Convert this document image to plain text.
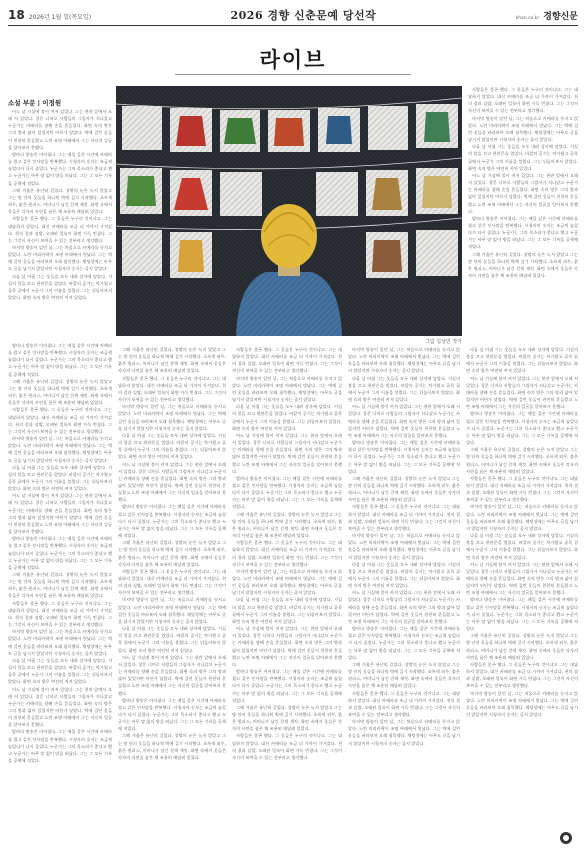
18 2026년 1월 일(목요일)	2026 경향 신춘문예 당선작	khan.co.kr 경향신문
라이브
그림 김상민 작가
소설 부문 | 이정원

어느 날 거실에 불이 켜져 있었다. 그는 현관 앞에서 오래 서 있었다. 창문 너머로 사람들의 그림자가 지나갔고 누군가는 카메라를 향해 손을 흔들었다. 화면 속의 방은 그의 방과 닮아 있었지만 어딘가 달랐다. 벽에 걸린 옷들이 천천히 흔들렸고 노란 조명 아래에서 그는 자신의 얼굴을 알아보지 못했다.

밤마다 방송은 이어졌다. 그는 매일 같은 시간에 카메라를 켰고 같은 인사말을 반복했다. 시청자의 숫자는 조금씩 늘었다가 다시 줄었다. 누군가는 그의 목소리가 좋다고 했고 누군가는 아무 말 없이 방을 떠났다. 그는 그 모든 기록을 공책에 적었다.

그해 겨울은 유난히 길었다. 창밖의 눈은 녹지 않았고 그는 방 안의 옷들을 하나씩 벽에 걸기 시작했다. 초록색 외투, 붉은 원피스, 어머니가 남긴 갈색 재킷. 화면 속에서 옷들은 각자의 사연을 품은 채 조용히 매달려 있었다.

사람들은 묻곤 했다. 그 옷들은 누구의 것이냐고. 그는 대답하지 않았다. 대신 카메라를 조금 더 가까이 가져갔다. 천의 결과 실밥, 오래된 얼룩이 화면 가득 번졌다. 그는 그것이 자신이 보여줄 수 있는 전부라고 생각했다.

마지막 방송이 있던 날, 그는 처음으로 카메라를 등지고 앉았다. 노란 머리카락이 조명 아래에서 빛났다. 그는 벽에 걸린 옷들을 바라보며 오래 침묵했다. 채팅창에는 아무도 글을 남기지 않았지만 시청자의 숫자는 줄지 않았다.

다음 날 아침 그는 옷들을 모두 내려 상자에 담았다. 거실의 불을 끄고 현관문을 열었다. 바깥의 공기는 차가웠고 골목 끝에서 누군가 그의 이름을 불렀다. 그는 뒤돌아보지 않았다. 화면 속의 방은 여전히 켜져 있었다.

사람들은 묻곤 했다. 그 옷들은 누구의 것이냐고. 그는 대답하지 않았다. 대신 카메라를 조금 더 가까이 가져갔다. 천의 결과 실밥, 오래된 얼룩이 화면 가득 번졌다. 그는 그것이 자신이 보여줄 수 있는 전부라고 생각했다.

마지막 방송이 있던 날, 그는 처음으로 카메라를 등지고 앉았다. 노란 머리카락이 조명 아래에서 빛났다. 그는 벽에 걸린 옷들을 바라보며 오래 침묵했다. 채팅창에는 아무도 글을 남기지 않았지만 시청자의 숫자는 줄지 않았다.

다음 날 아침 그는 옷들을 모두 내려 상자에 담았다. 거실의 불을 끄고 현관문을 열었다. 바깥의 공기는 차가웠고 골목 끝에서 누군가 그의 이름을 불렀다. 그는 뒤돌아보지 않았다. 화면 속의 방은 여전히 켜져 있었다.

어느 날 거실에 불이 켜져 있었다. 그는 현관 앞에서 오래 서 있었다. 창문 너머로 사람들의 그림자가 지나갔고 누군가는 카메라를 향해 손을 흔들었다. 화면 속의 방은 그의 방과 닮아 있었지만 어딘가 달랐다. 벽에 걸린 옷들이 천천히 흔들렸고 노란 조명 아래에서 그는 자신의 얼굴을 알아보지 못했다.

밤마다 방송은 이어졌다. 그는 매일 같은 시간에 카메라를 켰고 같은 인사말을 반복했다. 시청자의 숫자는 조금씩 늘었다가 다시 줄었다. 누군가는 그의 목소리가 좋다고 했고 누군가는 아무 말 없이 방을 떠났다. 그는 그 모든 기록을 공책에 적었다.

그해 겨울은 유난히 길었다. 창밖의 눈은 녹지 않았고 그는 방 안의 옷들을 하나씩 벽에 걸기 시작했다. 초록색 외투, 붉은 원피스, 어머니가 남긴 갈색 재킷. 화면 속에서 옷들은 각자의 사연을 품은 채 조용히 매달려 있었다.

밤마다 방송은 이어졌다. 그는 매일 같은 시간에 카메라를 켰고 같은 인사말을 반복했다. 시청자의 숫자는 조금씩 늘었다가 다시 줄었다. 누군가는 그의 목소리가 좋다고 했고 누군가는 아무 말 없이 방을 떠났다. 그는 그 모든 기록을 공책에 적었다.

그해 겨울은 유난히 길었다. 창밖의 눈은 녹지 않았고 그는 방 안의 옷들을 하나씩 벽에 걸기 시작했다. 초록색 외투, 붉은 원피스, 어머니가 남긴 갈색 재킷. 화면 속에서 옷들은 각자의 사연을 품은 채 조용히 매달려 있었다.

사람들은 묻곤 했다. 그 옷들은 누구의 것이냐고. 그는 대답하지 않았다. 대신 카메라를 조금 더 가까이 가져갔다. 천의 결과 실밥, 오래된 얼룩이 화면 가득 번졌다. 그는 그것이 자신이 보여줄 수 있는 전부라고 생각했다.

마지막 방송이 있던 날, 그는 처음으로 카메라를 등지고 앉았다. 노란 머리카락이 조명 아래에서 빛났다. 그는 벽에 걸린 옷들을 바라보며 오래 침묵했다. 채팅창에는 아무도 글을 남기지 않았지만 시청자의 숫자는 줄지 않았다.

다음 날 아침 그는 옷들을 모두 내려 상자에 담았다. 거실의 불을 끄고 현관문을 열었다. 바깥의 공기는 차가웠고 골목 끝에서 누군가 그의 이름을 불렀다. 그는 뒤돌아보지 않았다. 화면 속의 방은 여전히 켜져 있었다.

어느 날 거실에 불이 켜져 있었다. 그는 현관 앞에서 오래 서 있었다. 창문 너머로 사람들의 그림자가 지나갔고 누군가는 카메라를 향해 손을 흔들었다. 화면 속의 방은 그의 방과 닮아 있었지만 어딘가 달랐다. 벽에 걸린 옷들이 천천히 흔들렸고 노란 조명 아래에서 그는 자신의 얼굴을 알아보지 못했다.

밤마다 방송은 이어졌다. 그는 매일 같은 시간에 카메라를 켰고 같은 인사말을 반복했다. 시청자의 숫자는 조금씩 늘었다가 다시 줄었다. 누군가는 그의 목소리가 좋다고 했고 누군가는 아무 말 없이 방을 떠났다. 그는 그 모든 기록을 공책에 적었다.

그해 겨울은 유난히 길었다. 창밖의 눈은 녹지 않았고 그는 방 안의 옷들을 하나씩 벽에 걸기 시작했다. 초록색 외투, 붉은 원피스, 어머니가 남긴 갈색 재킷. 화면 속에서 옷들은 각자의 사연을 품은 채 조용히 매달려 있었다.

사람들은 묻곤 했다. 그 옷들은 누구의 것이냐고. 그는 대답하지 않았다. 대신 카메라를 조금 더 가까이 가져갔다. 천의 결과 실밥, 오래된 얼룩이 화면 가득 번졌다. 그는 그것이 자신이 보여줄 수 있는 전부라고 생각했다.

마지막 방송이 있던 날, 그는 처음으로 카메라를 등지고 앉았다. 노란 머리카락이 조명 아래에서 빛났다. 그는 벽에 걸린 옷들을 바라보며 오래 침묵했다. 채팅창에는 아무도 글을 남기지 않았지만 시청자의 숫자는 줄지 않았다.

다음 날 아침 그는 옷들을 모두 내려 상자에 담았다. 거실의 불을 끄고 현관문을 열었다. 바깥의 공기는 차가웠고 골목 끝에서 누군가 그의 이름을 불렀다. 그는 뒤돌아보지 않았다. 화면 속의 방은 여전히 켜져 있었다.

어느 날 거실에 불이 켜져 있었다. 그는 현관 앞에서 오래 서 있었다. 창문 너머로 사람들의 그림자가 지나갔고 누군가는 카메라를 향해 손을 흔들었다. 화면 속의 방은 그의 방과 닮아 있었지만 어딘가 달랐다. 벽에 걸린 옷들이 천천히 흔들렸고 노란 조명 아래에서 그는 자신의 얼굴을 알아보지 못했다.

밤마다 방송은 이어졌다. 그는 매일 같은 시간에 카메라를 켰고 같은 인사말을 반복했다. 시청자의 숫자는 조금씩 늘었다가 다시 줄었다. 누군가는 그의 목소리가 좋다고 했고 누군가는 아무 말 없이 방을 떠났다. 그는 그 모든 기록을 공책에 적었다.

그해 겨울은 유난히 길었다. 창밖의 눈은 녹지 않았고 그는 방 안의 옷들을 하나씩 벽에 걸기 시작했다. 초록색 외투, 붉은 원피스, 어머니가 남긴 갈색 재킷. 화면 속에서 옷들은 각자의 사연을 품은 채 조용히 매달려 있었다.

사람들은 묻곤 했다. 그 옷들은 누구의 것이냐고. 그는 대답하지 않았다. 대신 카메라를 조금 더 가까이 가져갔다. 천의 결과 실밥, 오래된 얼룩이 화면 가득 번졌다. 그는 그것이 자신이 보여줄 수 있는 전부라고 생각했다.

마지막 방송이 있던 날, 그는 처음으로 카메라를 등지고 앉았다. 노란 머리카락이 조명 아래에서 빛났다. 그는 벽에 걸린 옷들을 바라보며 오래 침묵했다. 채팅창에는 아무도 글을 남기지 않았지만 시청자의 숫자는 줄지 않았다.

다음 날 아침 그는 옷들을 모두 내려 상자에 담았다. 거실의 불을 끄고 현관문을 열었다. 바깥의 공기는 차가웠고 골목 끝에서 누군가 그의 이름을 불렀다. 그는 뒤돌아보지 않았다. 화면 속의 방은 여전히 켜져 있었다.

어느 날 거실에 불이 켜져 있었다. 그는 현관 앞에서 오래 서 있었다. 창문 너머로 사람들의 그림자가 지나갔고 누군가는 카메라를 향해 손을 흔들었다. 화면 속의 방은 그의 방과 닮아 있었지만 어딘가 달랐다. 벽에 걸린 옷들이 천천히 흔들렸고 노란 조명 아래에서 그는 자신의 얼굴을 알아보지 못했다.

밤마다 방송은 이어졌다. 그는 매일 같은 시간에 카메라를 켰고 같은 인사말을 반복했다. 시청자의 숫자는 조금씩 늘었다가 다시 줄었다. 누군가는 그의 목소리가 좋다고 했고 누군가는 아무 말 없이 방을 떠났다. 그는 그 모든 기록을 공책에 적었다.

그해 겨울은 유난히 길었다. 창밖의 눈은 녹지 않았고 그는 방 안의 옷들을 하나씩 벽에 걸기 시작했다. 초록색 외투, 붉은 원피스, 어머니가 남긴 갈색 재킷. 화면 속에서 옷들은 각자의 사연을 품은 채 조용히 매달려 있었다.

사람들은 묻곤 했다. 그 옷들은 누구의 것이냐고. 그는 대답하지 않았다. 대신 카메라를 조금 더 가까이 가져갔다. 천의 결과 실밥, 오래된 얼룩이 화면 가득 번졌다. 그는 그것이 자신이 보여줄 수 있는 전부라고 생각했다.

마지막 방송이 있던 날, 그는 처음으로 카메라를 등지고 앉았다. 노란 머리카락이 조명 아래에서 빛났다. 그는 벽에 걸린 옷들을 바라보며 오래 침묵했다. 채팅창에는 아무도 글을 남기지 않았지만 시청자의 숫자는 줄지 않았다.

다음 날 아침 그는 옷들을 모두 내려 상자에 담았다. 거실의 불을 끄고 현관문을 열었다. 바깥의 공기는 차가웠고 골목 끝에서 누군가 그의 이름을 불렀다. 그는 뒤돌아보지 않았다. 화면 속의 방은 여전히 켜져 있었다.

어느 날 거실에 불이 켜져 있었다. 그는 현관 앞에서 오래 서 있었다. 창문 너머로 사람들의 그림자가 지나갔고 누군가는 카메라를 향해 손을 흔들었다. 화면 속의 방은 그의 방과 닮아 있었지만 어딘가 달랐다. 벽에 걸린 옷들이 천천히 흔들렸고 노란 조명 아래에서 그는 자신의 얼굴을 알아보지 못했다.

밤마다 방송은 이어졌다. 그는 매일 같은 시간에 카메라를 켰고 같은 인사말을 반복했다. 시청자의 숫자는 조금씩 늘었다가 다시 줄었다. 누군가는 그의 목소리가 좋다고 했고 누군가는 아무 말 없이 방을 떠났다. 그는 그 모든 기록을 공책에 적었다.

그해 겨울은 유난히 길었다. 창밖의 눈은 녹지 않았고 그는 방 안의 옷들을 하나씩 벽에 걸기 시작했다. 초록색 외투, 붉은 원피스, 어머니가 남긴 갈색 재킷. 화면 속에서 옷들은 각자의 사연을 품은 채 조용히 매달려 있었다.

사람들은 묻곤 했다. 그 옷들은 누구의 것이냐고. 그는 대답하지 않았다. 대신 카메라를 조금 더 가까이 가져갔다. 천의 결과 실밥, 오래된 얼룩이 화면 가득 번졌다. 그는 그것이 자신이 보여줄 수 있는 전부라고 생각했다.

마지막 방송이 있던 날, 그는 처음으로 카메라를 등지고 앉았다. 노란 머리카락이 조명 아래에서 빛났다. 그는 벽에 걸린 옷들을 바라보며 오래 침묵했다. 채팅창에는 아무도 글을 남기지 않았지만 시청자의 숫자는 줄지 않았다.

다음 날 아침 그는 옷들을 모두 내려 상자에 담았다. 거실의 불을 끄고 현관문을 열었다. 바깥의 공기는 차가웠고 골목 끝에서 누군가 그의 이름을 불렀다. 그는 뒤돌아보지 않았다. 화면 속의 방은 여전히 켜져 있었다.

어느 날 거실에 불이 켜져 있었다. 그는 현관 앞에서 오래 서 있었다. 창문 너머로 사람들의 그림자가 지나갔고 누군가는 카메라를 향해 손을 흔들었다. 화면 속의 방은 그의 방과 닮아 있었지만 어딘가 달랐다. 벽에 걸린 옷들이 천천히 흔들렸고 노란 조명 아래에서 그는 자신의 얼굴을 알아보지 못했다.

밤마다 방송은 이어졌다. 그는 매일 같은 시간에 카메라를 켰고 같은 인사말을 반복했다. 시청자의 숫자는 조금씩 늘었다가 다시 줄었다. 누군가는 그의 목소리가 좋다고 했고 누군가는 아무 말 없이 방을 떠났다. 그는 그 모든 기록을 공책에 적었다.

그해 겨울은 유난히 길었다. 창밖의 눈은 녹지 않았고 그는 방 안의 옷들을 하나씩 벽에 걸기 시작했다. 초록색 외투, 붉은 원피스, 어머니가 남긴 갈색 재킷. 화면 속에서 옷들은 각자의 사연을 품은 채 조용히 매달려 있었다.

사람들은 묻곤 했다. 그 옷들은 누구의 것이냐고. 그는 대답하지 않았다. 대신 카메라를 조금 더 가까이 가져갔다. 천의 결과 실밥, 오래된 얼룩이 화면 가득 번졌다. 그는 그것이 자신이 보여줄 수 있는 전부라고 생각했다.

마지막 방송이 있던 날, 그는 처음으로 카메라를 등지고 앉았다. 노란 머리카락이 조명 아래에서 빛났다. 그는 벽에 걸린 옷들을 바라보며 오래 침묵했다. 채팅창에는 아무도 글을 남기지 않았지만 시청자의 숫자는 줄지 않았다.

다음 날 아침 그는 옷들을 모두 내려 상자에 담았다. 거실의 불을 끄고 현관문을 열었다. 바깥의 공기는 차가웠고 골목 끝에서 누군가 그의 이름을 불렀다. 그는 뒤돌아보지 않았다. 화면 속의 방은 여전히 켜져 있었다.

어느 날 거실에 불이 켜져 있었다. 그는 현관 앞에서 오래 서 있었다. 창문 너머로 사람들의 그림자가 지나갔고 누군가는 카메라를 향해 손을 흔들었다. 화면 속의 방은 그의 방과 닮아 있었지만 어딘가 달랐다. 벽에 걸린 옷들이 천천히 흔들렸고 노란 조명 아래에서 그는 자신의 얼굴을 알아보지 못했다.

밤마다 방송은 이어졌다. 그는 매일 같은 시간에 카메라를 켰고 같은 인사말을 반복했다. 시청자의 숫자는 조금씩 늘었다가 다시 줄었다. 누군가는 그의 목소리가 좋다고 했고 누군가는 아무 말 없이 방을 떠났다. 그는 그 모든 기록을 공책에 적었다.

그해 겨울은 유난히 길었다. 창밖의 눈은 녹지 않았고 그는 방 안의 옷들을 하나씩 벽에 걸기 시작했다. 초록색 외투, 붉은 원피스, 어머니가 남긴 갈색 재킷. 화면 속에서 옷들은 각자의 사연을 품은 채 조용히 매달려 있었다.

사람들은 묻곤 했다. 그 옷들은 누구의 것이냐고. 그는 대답하지 않았다. 대신 카메라를 조금 더 가까이 가져갔다. 천의 결과 실밥, 오래된 얼룩이 화면 가득 번졌다. 그는 그것이 자신이 보여줄 수 있는 전부라고 생각했다.

마지막 방송이 있던 날, 그는 처음으로 카메라를 등지고 앉았다. 노란 머리카락이 조명 아래에서 빛났다. 그는 벽에 걸린 옷들을 바라보며 오래 침묵했다. 채팅창에는 아무도 글을 남기지 않았지만 시청자의 숫자는 줄지 않았다.

다음 날 아침 그는 옷들을 모두 내려 상자에 담았다. 거실의 불을 끄고 현관문을 열었다. 바깥의 공기는 차가웠고 골목 끝에서 누군가 그의 이름을 불렀다. 그는 뒤돌아보지 않았다. 화면 속의 방은 여전히 켜져 있었다.

어느 날 거실에 불이 켜져 있었다. 그는 현관 앞에서 오래 서 있었다. 창문 너머로 사람들의 그림자가 지나갔고 누군가는 카메라를 향해 손을 흔들었다. 화면 속의 방은 그의 방과 닮아 있었지만 어딘가 달랐다. 벽에 걸린 옷들이 천천히 흔들렸고 노란 조명 아래에서 그는 자신의 얼굴을 알아보지 못했다.

밤마다 방송은 이어졌다. 그는 매일 같은 시간에 카메라를 켰고 같은 인사말을 반복했다. 시청자의 숫자는 조금씩 늘었다가 다시 줄었다. 누군가는 그의 목소리가 좋다고 했고 누군가는 아무 말 없이 방을 떠났다. 그는 그 모든 기록을 공책에 적었다.

그해 겨울은 유난히 길었다. 창밖의 눈은 녹지 않았고 그는 방 안의 옷들을 하나씩 벽에 걸기 시작했다. 초록색 외투, 붉은 원피스, 어머니가 남긴 갈색 재킷. 화면 속에서 옷들은 각자의 사연을 품은 채 조용히 매달려 있었다.

사람들은 묻곤 했다. 그 옷들은 누구의 것이냐고. 그는 대답하지 않았다. 대신 카메라를 조금 더 가까이 가져갔다. 천의 결과 실밥, 오래된 얼룩이 화면 가득 번졌다. 그는 그것이 자신이 보여줄 수 있는 전부라고 생각했다.

마지막 방송이 있던 날, 그는 처음으로 카메라를 등지고 앉았다. 노란 머리카락이 조명 아래에서 빛났다. 그는 벽에 걸린 옷들을 바라보며 오래 침묵했다. 채팅창에는 아무도 글을 남기지 않았지만 시청자의 숫자는 줄지 않았다.

다음 날 아침 그는 옷들을 모두 내려 상자에 담았다. 거실의 불을 끄고 현관문을 열었다. 바깥의 공기는 차가웠고 골목 끝에서 누군가 그의 이름을 불렀다. 그는 뒤돌아보지 않았다. 화면 속의 방은 여전히 켜져 있었다.

어느 날 거실에 불이 켜져 있었다. 그는 현관 앞에서 오래 서 있었다. 창문 너머로 사람들의 그림자가 지나갔고 누군가는 카메라를 향해 손을 흔들었다. 화면 속의 방은 그의 방과 닮아 있었지만 어딘가 달랐다. 벽에 걸린 옷들이 천천히 흔들렸고 노란 조명 아래에서 그는 자신의 얼굴을 알아보지 못했다.

밤마다 방송은 이어졌다. 그는 매일 같은 시간에 카메라를 켰고 같은 인사말을 반복했다. 시청자의 숫자는 조금씩 늘었다가 다시 줄었다. 누군가는 그의 목소리가 좋다고 했고 누군가는 아무 말 없이 방을 떠났다. 그는 그 모든 기록을 공책에 적었다.

그해 겨울은 유난히 길었다. 창밖의 눈은 녹지 않았고 그는 방 안의 옷들을 하나씩 벽에 걸기 시작했다. 초록색 외투, 붉은 원피스, 어머니가 남긴 갈색 재킷. 화면 속에서 옷들은 각자의 사연을 품은 채 조용히 매달려 있었다.

사람들은 묻곤 했다. 그 옷들은 누구의 것이냐고. 그는 대답하지 않았다. 대신 카메라를 조금 더 가까이 가져갔다. 천의 결과 실밥, 오래된 얼룩이 화면 가득 번졌다. 그는 그것이 자신이 보여줄 수 있는 전부라고 생각했다.

마지막 방송이 있던 날, 그는 처음으로 카메라를 등지고 앉았다. 노란 머리카락이 조명 아래에서 빛났다. 그는 벽에 걸린 옷들을 바라보며 오래 침묵했다. 채팅창에는 아무도 글을 남기지 않았지만 시청자의 숫자는 줄지 않았다.

다음 날 아침 그는 옷들을 모두 내려 상자에 담았다. 거실의 불을 끄고 현관문을 열었다. 바깥의 공기는 차가웠고 골목 끝에서 누군가 그의 이름을 불렀다. 그는 뒤돌아보지 않았다. 화면 속의 방은 여전히 켜져 있었다.

어느 날 거실에 불이 켜져 있었다. 그는 현관 앞에서 오래 서 있었다. 창문 너머로 사람들의 그림자가 지나갔고 누군가는 카메라를 향해 손을 흔들었다. 화면 속의 방은 그의 방과 닮아 있었지만 어딘가 달랐다. 벽에 걸린 옷들이 천천히 흔들렸고 노란 조명 아래에서 그는 자신의 얼굴을 알아보지 못했다.

밤마다 방송은 이어졌다. 그는 매일 같은 시간에 카메라를 켰고 같은 인사말을 반복했다. 시청자의 숫자는 조금씩 늘었다가 다시 줄었다. 누군가는 그의 목소리가 좋다고 했고 누군가는 아무 말 없이 방을 떠났다. 그는 그 모든 기록을 공책에 적었다.

그해 겨울은 유난히 길었다. 창밖의 눈은 녹지 않았고 그는 방 안의 옷들을 하나씩 벽에 걸기 시작했다. 초록색 외투, 붉은 원피스, 어머니가 남긴 갈색 재킷. 화면 속에서 옷들은 각자의 사연을 품은 채 조용히 매달려 있었다.

사람들은 묻곤 했다. 그 옷들은 누구의 것이냐고. 그는 대답하지 않았다. 대신 카메라를 조금 더 가까이 가져갔다. 천의 결과 실밥, 오래된 얼룩이 화면 가득 번졌다. 그는 그것이 자신이 보여줄 수 있는 전부라고 생각했다.

마지막 방송이 있던 날, 그는 처음으로 카메라를 등지고 앉았다. 노란 머리카락이 조명 아래에서 빛났다. 그는 벽에 걸린 옷들을 바라보며 오래 침묵했다. 채팅창에는 아무도 글을 남기지 않았지만 시청자의 숫자는 줄지 않았다.

다음 날 아침 그는 옷들을 모두 내려 상자에 담았다. 거실의 불을 끄고 현관문을 열었다. 바깥의 공기는 차가웠고 골목 끝에서 누군가 그의 이름을 불렀다. 그는 뒤돌아보지 않았다. 화면 속의 방은 여전히 켜져 있었다.

어느 날 거실에 불이 켜져 있었다. 그는 현관 앞에서 오래 서 있었다. 창문 너머로 사람들의 그림자가 지나갔고 누군가는 카메라를 향해 손을 흔들었다. 화면 속의 방은 그의 방과 닮아 있었지만 어딘가 달랐다. 벽에 걸린 옷들이 천천히 흔들렸고 노란 조명 아래에서 그는 자신의 얼굴을 알아보지 못했다.

밤마다 방송은 이어졌다. 그는 매일 같은 시간에 카메라를 켰고 같은 인사말을 반복했다. 시청자의 숫자는 조금씩 늘었다가 다시 줄었다. 누군가는 그의 목소리가 좋다고 했고 누군가는 아무 말 없이 방을 떠났다. 그는 그 모든 기록을 공책에 적었다.

그해 겨울은 유난히 길었다. 창밖의 눈은 녹지 않았고 그는 방 안의 옷들을 하나씩 벽에 걸기 시작했다. 초록색 외투, 붉은 원피스, 어머니가 남긴 갈색 재킷. 화면 속에서 옷들은 각자의 사연을 품은 채 조용히 매달려 있었다.

사람들은 묻곤 했다. 그 옷들은 누구의 것이냐고. 그는 대답하지 않았다. 대신 카메라를 조금 더 가까이 가져갔다. 천의 결과 실밥, 오래된 얼룩이 화면 가득 번졌다. 그는 그것이 자신이 보여줄 수 있는 전부라고 생각했다.

마지막 방송이 있던 날, 그는 처음으로 카메라를 등지고 앉았다. 노란 머리카락이 조명 아래에서 빛났다. 그는 벽에 걸린 옷들을 바라보며 오래 침묵했다. 채팅창에는 아무도 글을 남기지 않았지만 시청자의 숫자는 줄지 않았다.
